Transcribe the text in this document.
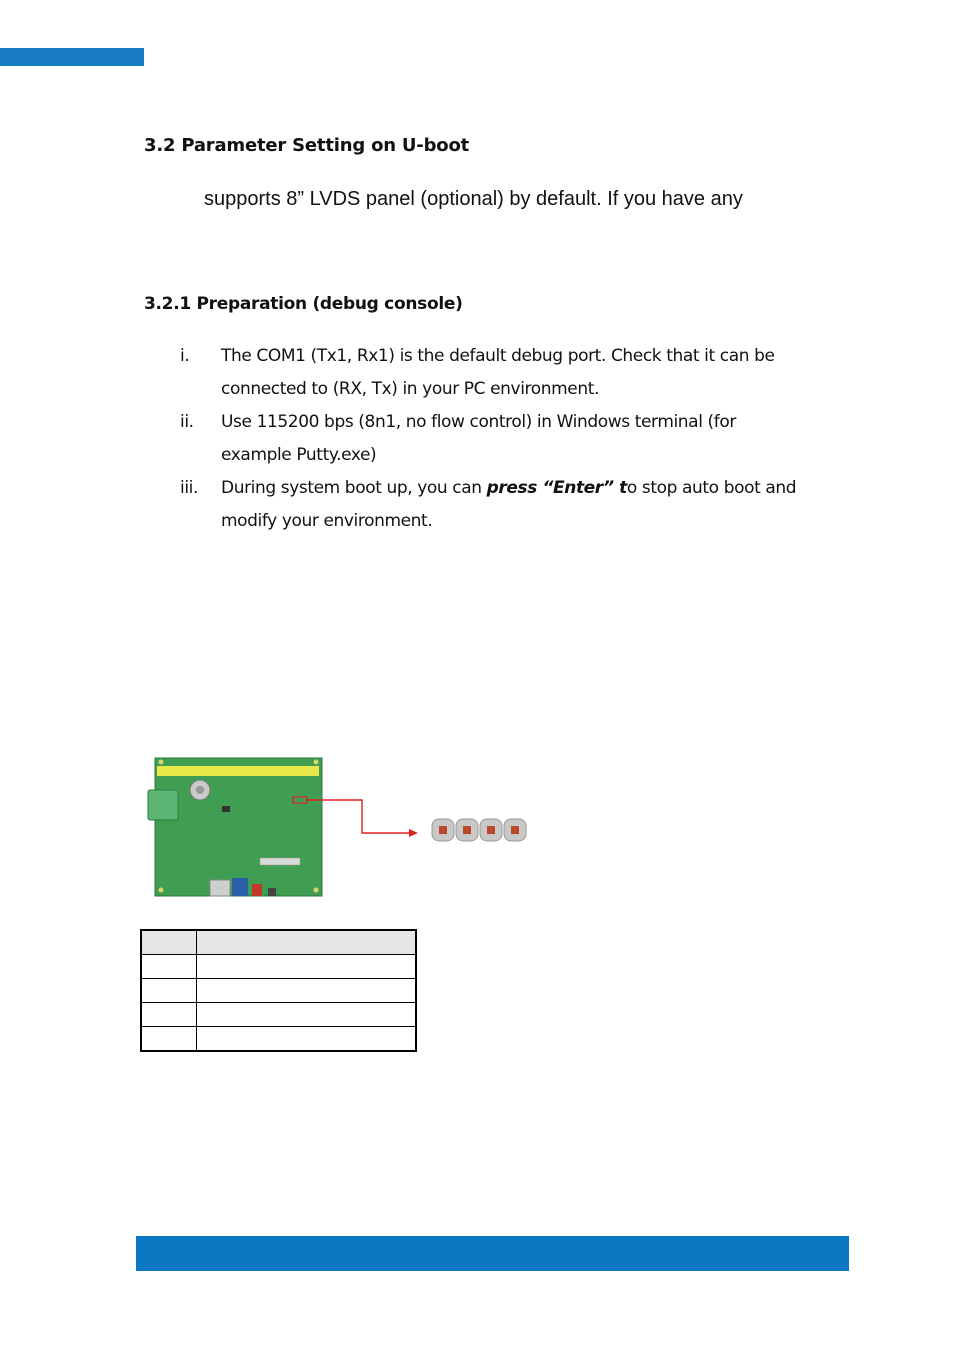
3.2 Parameter Setting on U-boot
supports 8” LVDS panel (optional) by default. If you have any
3.2.1 Preparation (debug console)
i. The COM1 (Tx1, Rx1) is the default debug port. Check that it can be
connected to (RX, Tx) in your PC environment.
ii. Use 115200 bps (8n1, no flow control) in Windows terminal (for
example Putty.exe)
iii. During system boot up, you can press “Enter” to stop auto boot and
modify your environment.
